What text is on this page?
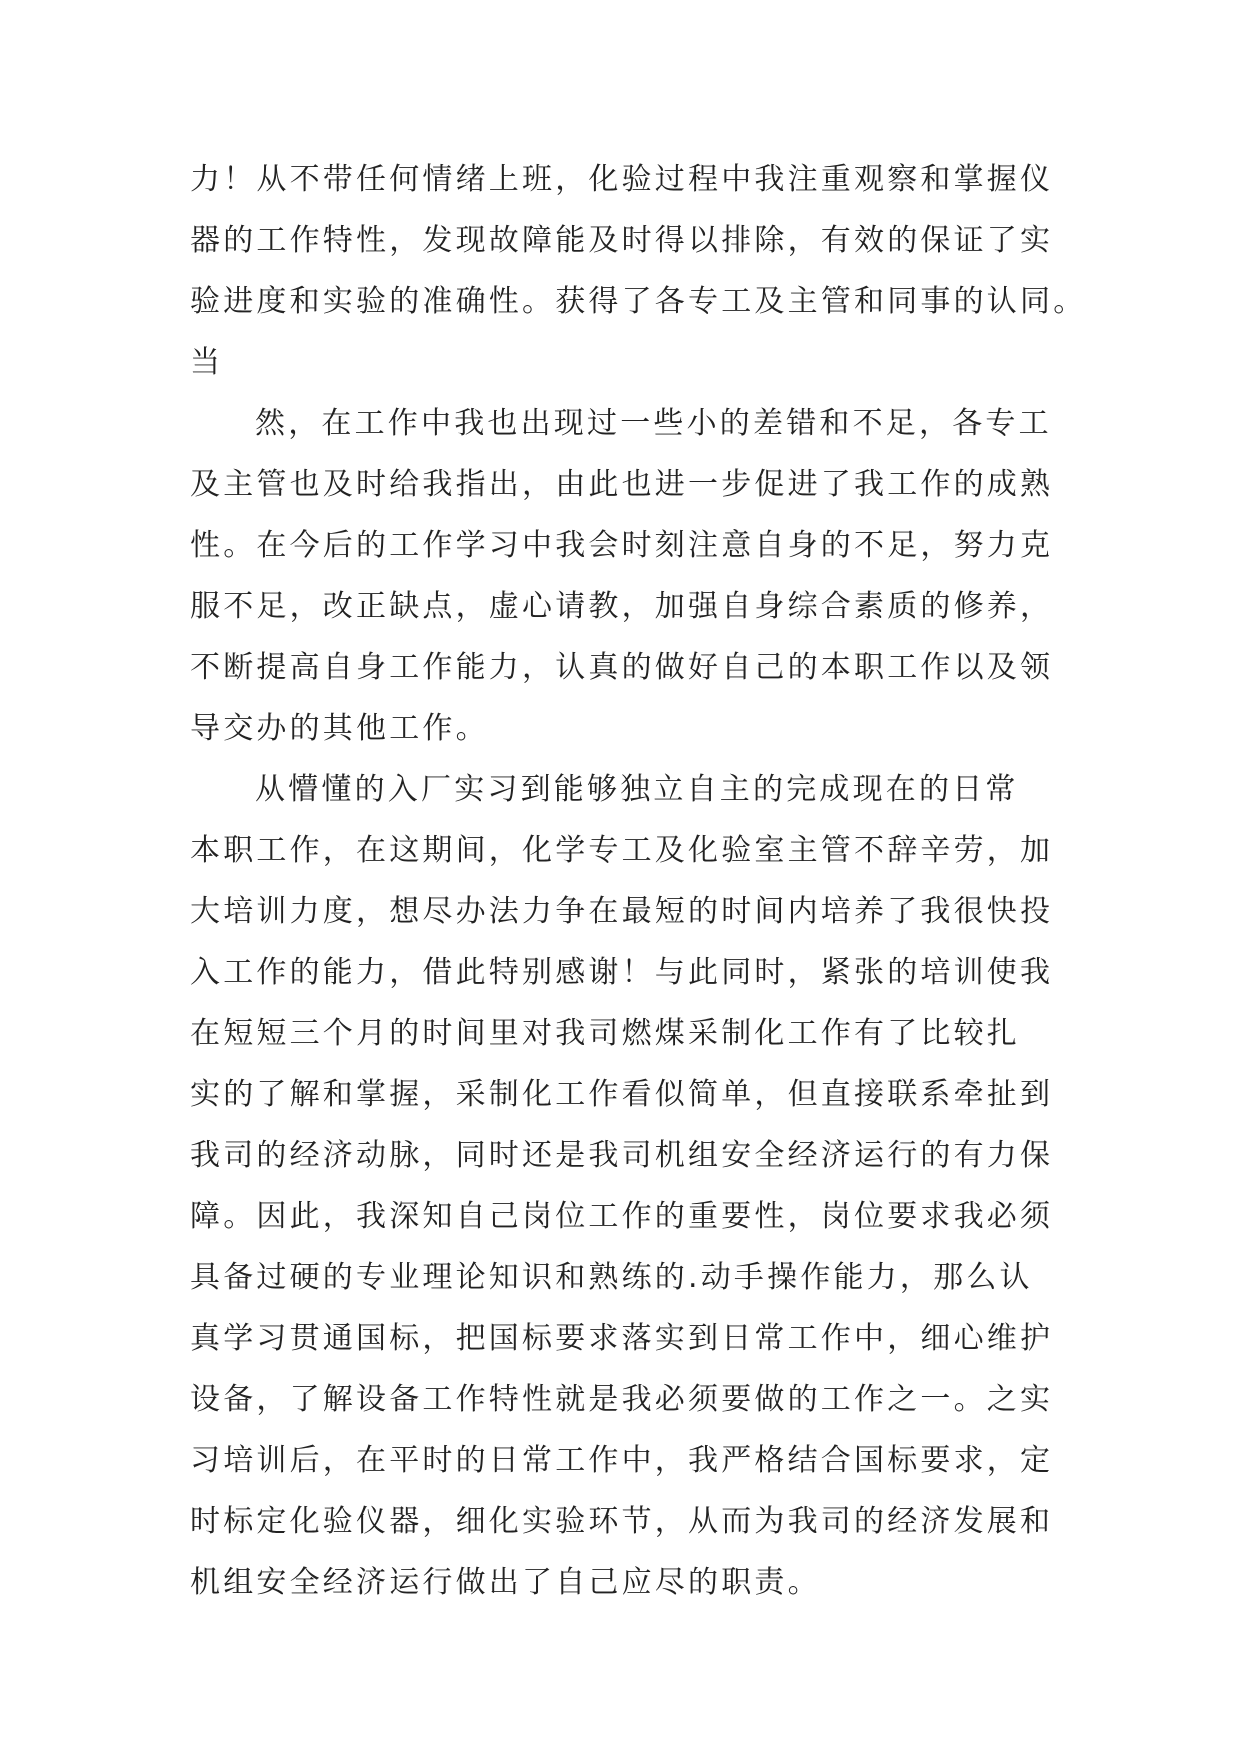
力！从不带任何情绪上班，化验过程中我注重观察和掌握仪
器的工作特性，发现故障能及时得以排除，有效的保证了实
验进度和实验的准确性。获得了各专工及主管和同事的认同。
当
然，在工作中我也出现过一些小的差错和不足，各专工
及主管也及时给我指出，由此也进一步促进了我工作的成熟
性。在今后的工作学习中我会时刻注意自身的不足，努力克
服不足，改正缺点，虚心请教，加强自身综合素质的修养，
不断提高自身工作能力，认真的做好自己的本职工作以及领
导交办的其他工作。
从懵懂的入厂实习到能够独立自主的完成现在的日常
本职工作，在这期间，化学专工及化验室主管不辞辛劳，加
大培训力度，想尽办法力争在最短的时间内培养了我很快投
入工作的能力，借此特别感谢！与此同时，紧张的培训使我
在短短三个月的时间里对我司燃煤采制化工作有了比较扎
实的了解和掌握，采制化工作看似简单，但直接联系牵扯到
我司的经济动脉，同时还是我司机组安全经济运行的有力保
障。因此，我深知自己岗位工作的重要性，岗位要求我必须
具备过硬的专业理论知识和熟练的.动手操作能力，那么认
真学习贯通国标，把国标要求落实到日常工作中，细心维护
设备，了解设备工作特性就是我必须要做的工作之一。之实
习培训后，在平时的日常工作中，我严格结合国标要求，定
时标定化验仪器，细化实验环节，从而为我司的经济发展和
机组安全经济运行做出了自己应尽的职责。
